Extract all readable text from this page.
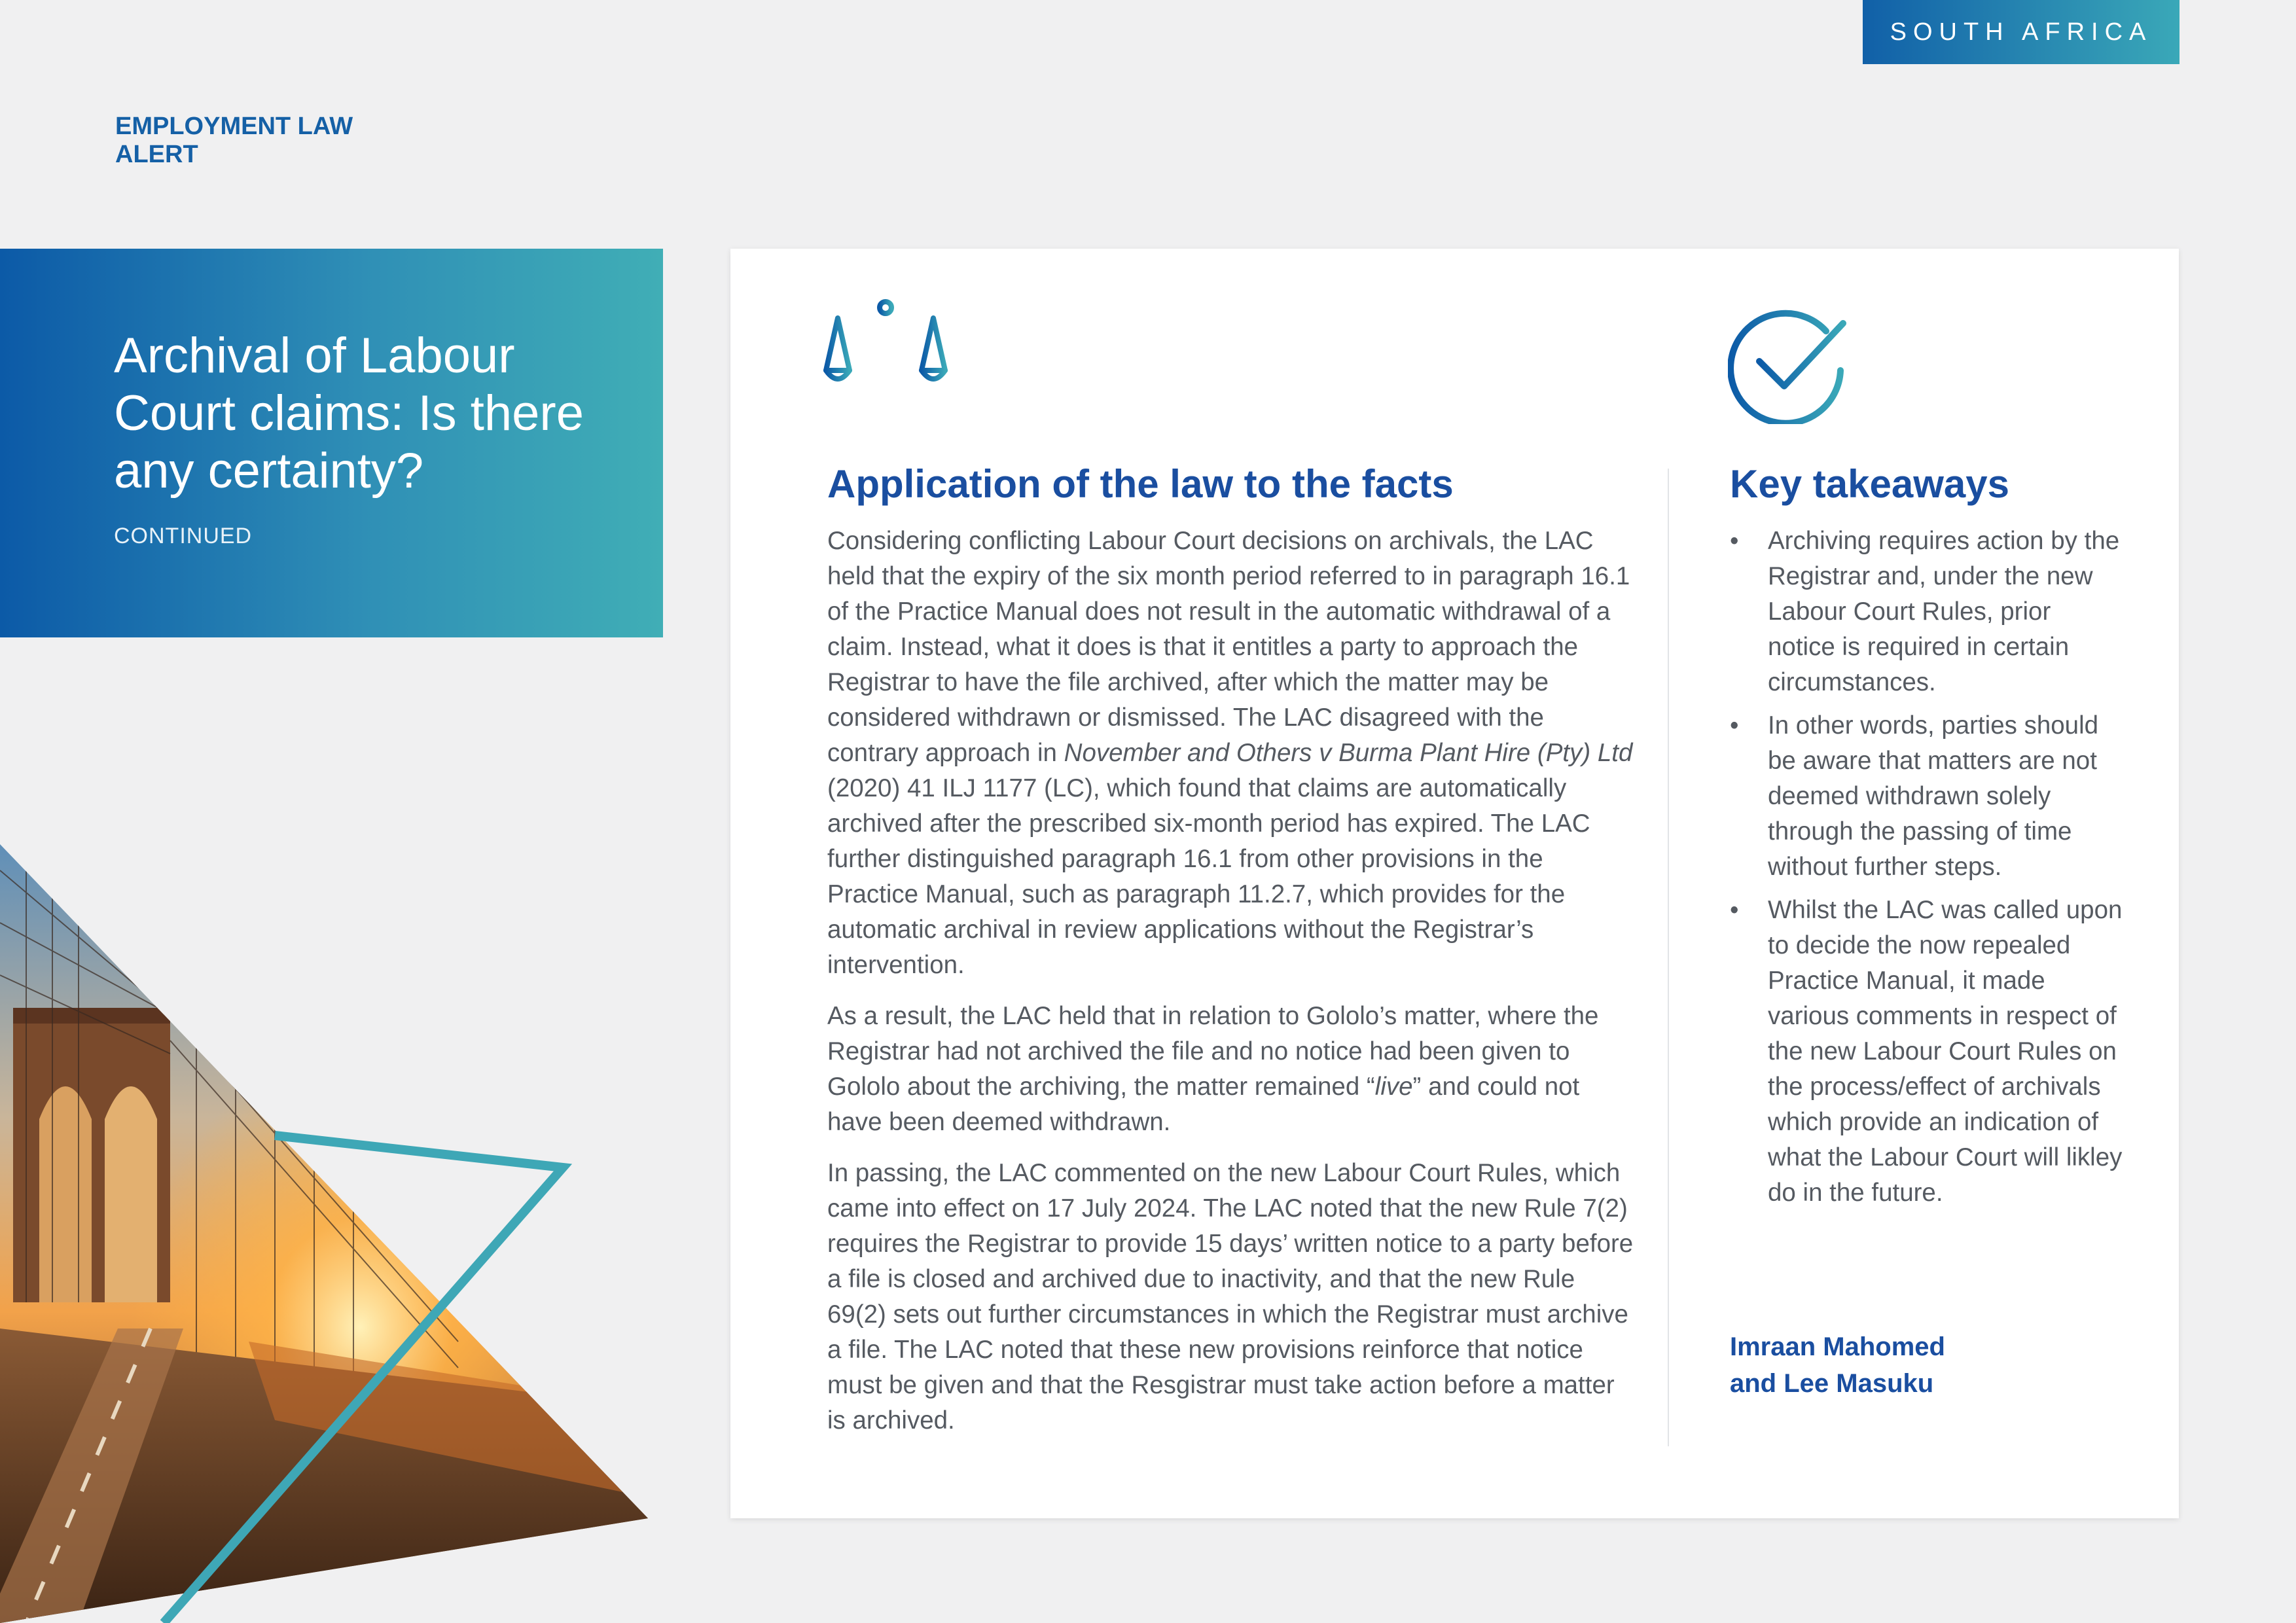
SOUTH AFRICA
EMPLOYMENT LAW
ALERT
Archival of Labour Court claims: Is there any certainty?
CONTINUED
Application of the law to the facts

Considering conflicting Labour Court decisions on archivals, the LAC held that the expiry of the six month period referred to in paragraph 16.1 of the Practice Manual does not result in the automatic withdrawal of a claim. Instead, what it does is that it entitles a party to approach the Registrar to have the file archived, after which the matter may be considered withdrawn or dismissed. The LAC disagreed with the contrary approach in November and Others v Burma Plant Hire (Pty) Ltd (2020) 41 ILJ 1177 (LC), which found that claims are automatically archived after the prescribed six-month period has expired. The LAC further distinguished paragraph 16.1 from other provisions in the Practice Manual, such as paragraph 11.2.7, which provides for the automatic archival in review applications without the Registrar’s intervention.

As a result, the LAC held that in relation to Gololo’s matter, where the Registrar had not archived the file and no notice had been given to Gololo about the archiving, the matter remained “live” and could not have been deemed withdrawn.

In passing, the LAC commented on the new Labour Court Rules, which came into effect on 17 July 2024. The LAC noted that the new Rule 7(2) requires the Registrar to provide 15 days’ written notice to a party before a file is closed and archived due to inactivity, and that the new Rule 69(2) sets out further circumstances in which the Registrar must archive a file. The LAC noted that these new provisions reinforce that notice must be given and that the Resgistrar must take action before a matter is archived.

Key takeaways
• Archiving requires action by the Registrar and, under the new Labour Court Rules, prior notice is required in certain circumstances.
• In other words, parties should be aware that matters are not deemed withdrawn solely through the passing of time without further steps.
• Whilst the LAC was called upon to decide the now repealed Practice Manual, it made various comments in respect of the new Labour Court Rules on the process/effect of archivals which provide an indication of what the Labour Court will likley do in the future.
Imraan Mahomed
and Lee Masuku
